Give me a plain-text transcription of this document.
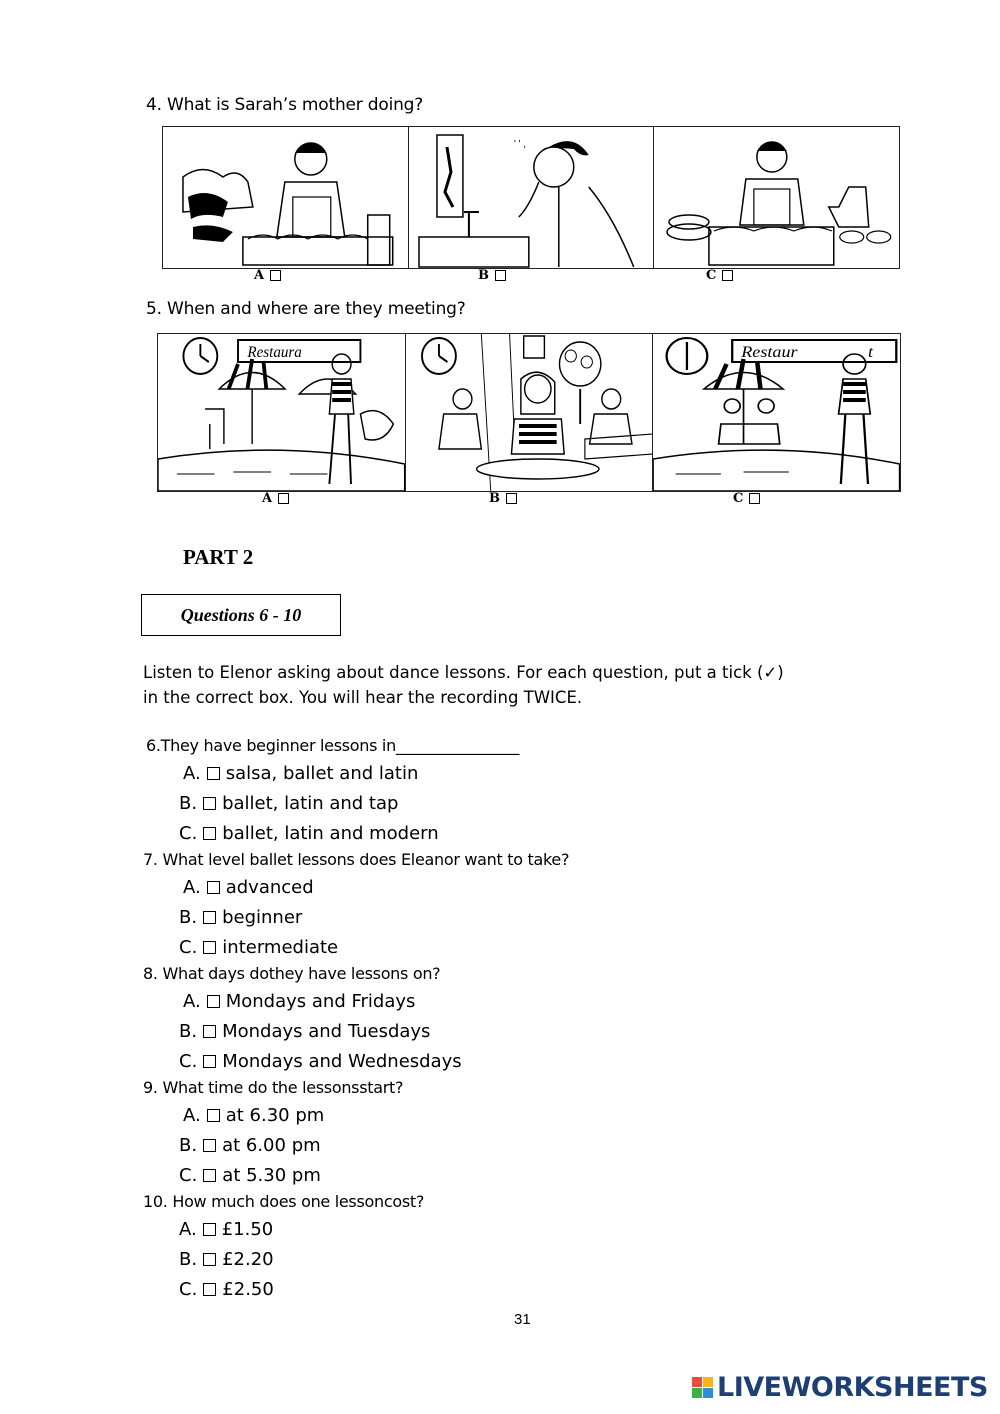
4. What is Sarah’s mother doing?
' ' ,
A	B	C
5. When and where are they meeting?
Restaura	Restaur	t
A	B	C
PART 2
Questions 6 - 10
Listen to Elenor asking about dance lessons. For each question, put a tick (✓)
in the correct box. You will hear the recording TWICE.
6.They have beginner lessons in________________
A. salsa, ballet and latin
B. ballet, latin and tap
C. ballet, latin and modern
7. What level ballet lessons does Eleanor want to take?
A. advanced
B. beginner
C. intermediate
8. What days dothey have lessons on?
A. Mondays and Fridays
B. Mondays and Tuesdays
C. Mondays and Wednesdays
9. What time do the lessonsstart?
A. at 6.30 pm
B. at 6.00 pm
C. at 5.30 pm
10. How much does one lessoncost?
A. £1.50
B. £2.20
C. £2.50
31
LIVEWORKSHEETS
